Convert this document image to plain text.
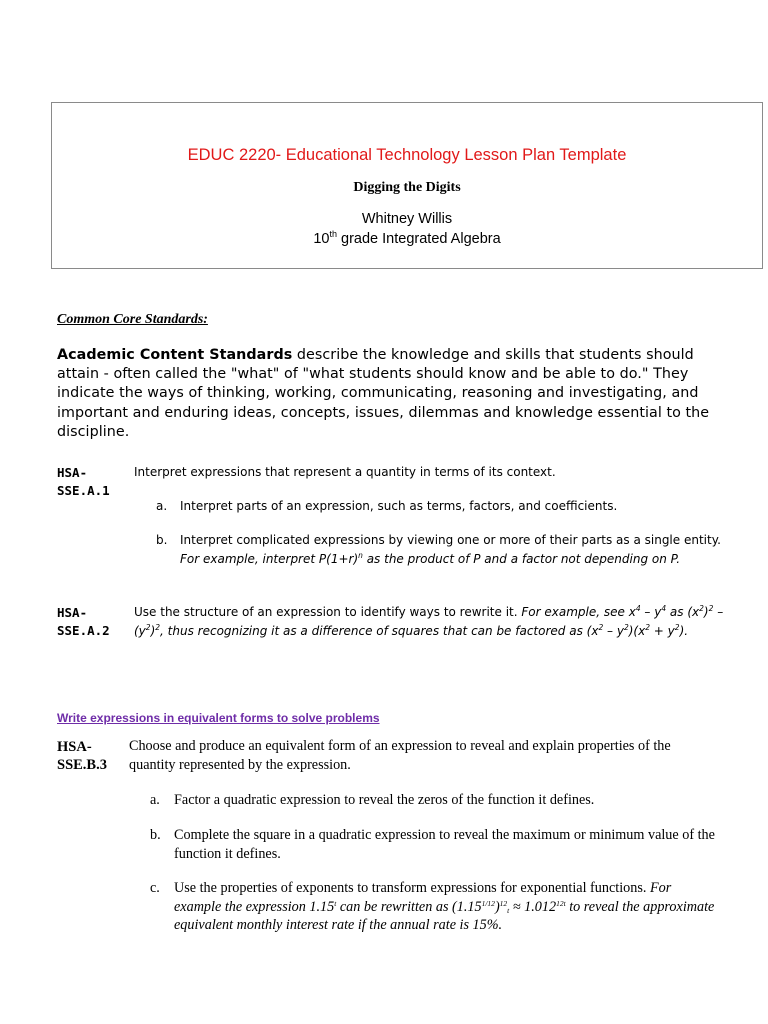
EDUC 2220- Educational Technology Lesson Plan Template
Digging the Digits
Whitney Willis
10th grade Integrated Algebra
Common Core Standards:
Academic Content Standards describe the knowledge and skills that students should attain - often called the "what" of "what students should know and be able to do." They indicate the ways of thinking, working, communicating, reasoning and investigating, and important and enduring ideas, concepts, issues, dilemmas and knowledge essential to the discipline.
HSA-
SSE.A.1
Interpret expressions that represent a quantity in terms of its context.
a. Interpret parts of an expression, such as terms, factors, and coefficients.
b. Interpret complicated expressions by viewing one or more of their parts as a single entity. For example, interpret $P(1+r)^n$ as the product of P and a factor not depending on P.
HSA-
SSE.A.2
Use the structure of an expression to identify ways to rewrite it. For example, see $x^4 - y^4$ as $(x^2)^2 - (y^2)^2$, thus recognizing it as a difference of squares that can be factored as $(x^2 - y^2)(x^2 + y^2)$.
Write expressions in equivalent forms to solve problems
HSA-
SSE.B.3
Choose and produce an equivalent form of an expression to reveal and explain properties of the quantity represented by the expression.
a. Factor a quadratic expression to reveal the zeros of the function it defines.
b. Complete the square in a quadratic expression to reveal the maximum or minimum value of the function it defines.
c. Use the properties of exponents to transform expressions for exponential functions. For example the expression 1.15$^t$ can be rewritten as $(1.15^{1/12})^{12}_t \approx 1.012^{12t}$ to reveal the approximate equivalent monthly interest rate if the annual rate is 15%.
